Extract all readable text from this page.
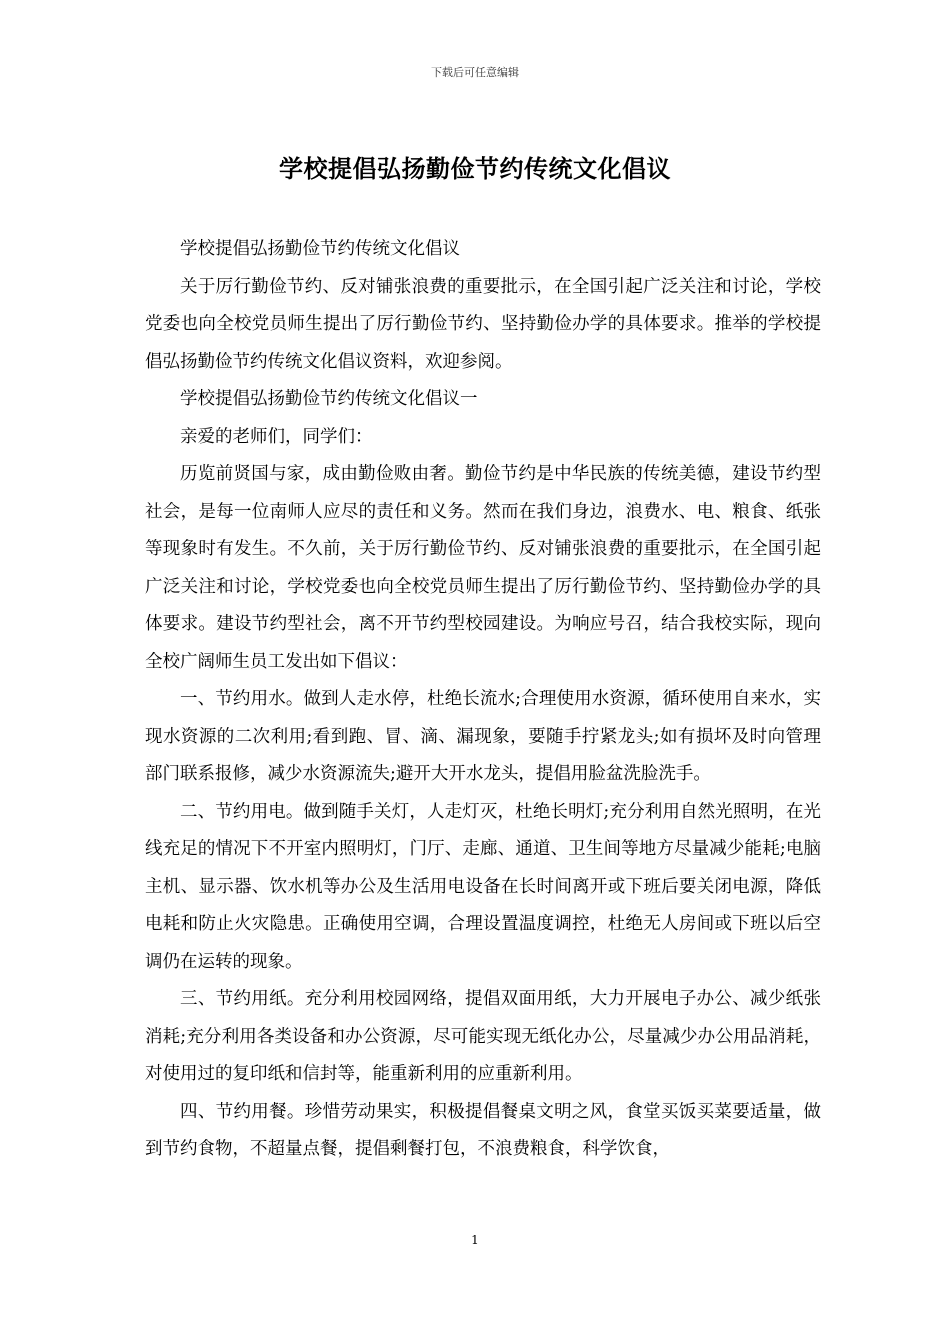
下载后可任意编辑
学校提倡弘扬勤俭节约传统文化倡议

学校提倡弘扬勤俭节约传统文化倡议

关于厉行勤俭节约、反对铺张浪费的重要批示，在全国引起广泛关注和讨论，学校党委也向全校党员师生提出了厉行勤俭节约、坚持勤俭办学的具体要求。推举的学校提倡弘扬勤俭节约传统文化倡议资料，欢迎参阅。

学校提倡弘扬勤俭节约传统文化倡议一

亲爱的老师们，同学们：

历览前贤国与家，成由勤俭败由奢。勤俭节约是中华民族的传统美德，建设节约型社会，是每一位南师人应尽的责任和义务。然而在我们身边，浪费水、电、粮食、纸张等现象时有发生。不久前，关于厉行勤俭节约、反对铺张浪费的重要批示，在全国引起广泛关注和讨论，学校党委也向全校党员师生提出了厉行勤俭节约、坚持勤俭办学的具体要求。建设节约型社会，离不开节约型校园建设。为响应号召，结合我校实际，现向全校广阔师生员工发出如下倡议：

一、节约用水。做到人走水停，杜绝长流水;合理使用水资源，循环使用自来水，实现水资源的二次利用;看到跑、冒、滴、漏现象，要随手拧紧龙头;如有损坏及时向管理部门联系报修，减少水资源流失;避开大开水龙头，提倡用脸盆洗脸洗手。

二、节约用电。做到随手关灯，人走灯灭，杜绝长明灯;充分利用自然光照明，在光线充足的情况下不开室内照明灯，门厅、走廊、通道、卫生间等地方尽量减少能耗;电脑主机、显示器、饮水机等办公及生活用电设备在长时间离开或下班后要关闭电源，降低电耗和防止火灾隐患。正确使用空调，合理设置温度调控，杜绝无人房间或下班以后空调仍在运转的现象。

三、节约用纸。充分利用校园网络，提倡双面用纸，大力开展电子办公、减少纸张消耗;充分利用各类设备和办公资源，尽可能实现无纸化办公，尽量减少办公用品消耗，对使用过的复印纸和信封等，能重新利用的应重新利用。

四、节约用餐。珍惜劳动果实，积极提倡餐桌文明之风，食堂买饭买菜要适量，做到节约食物，不超量点餐，提倡剩餐打包，不浪费粮食，科学饮食，

1
